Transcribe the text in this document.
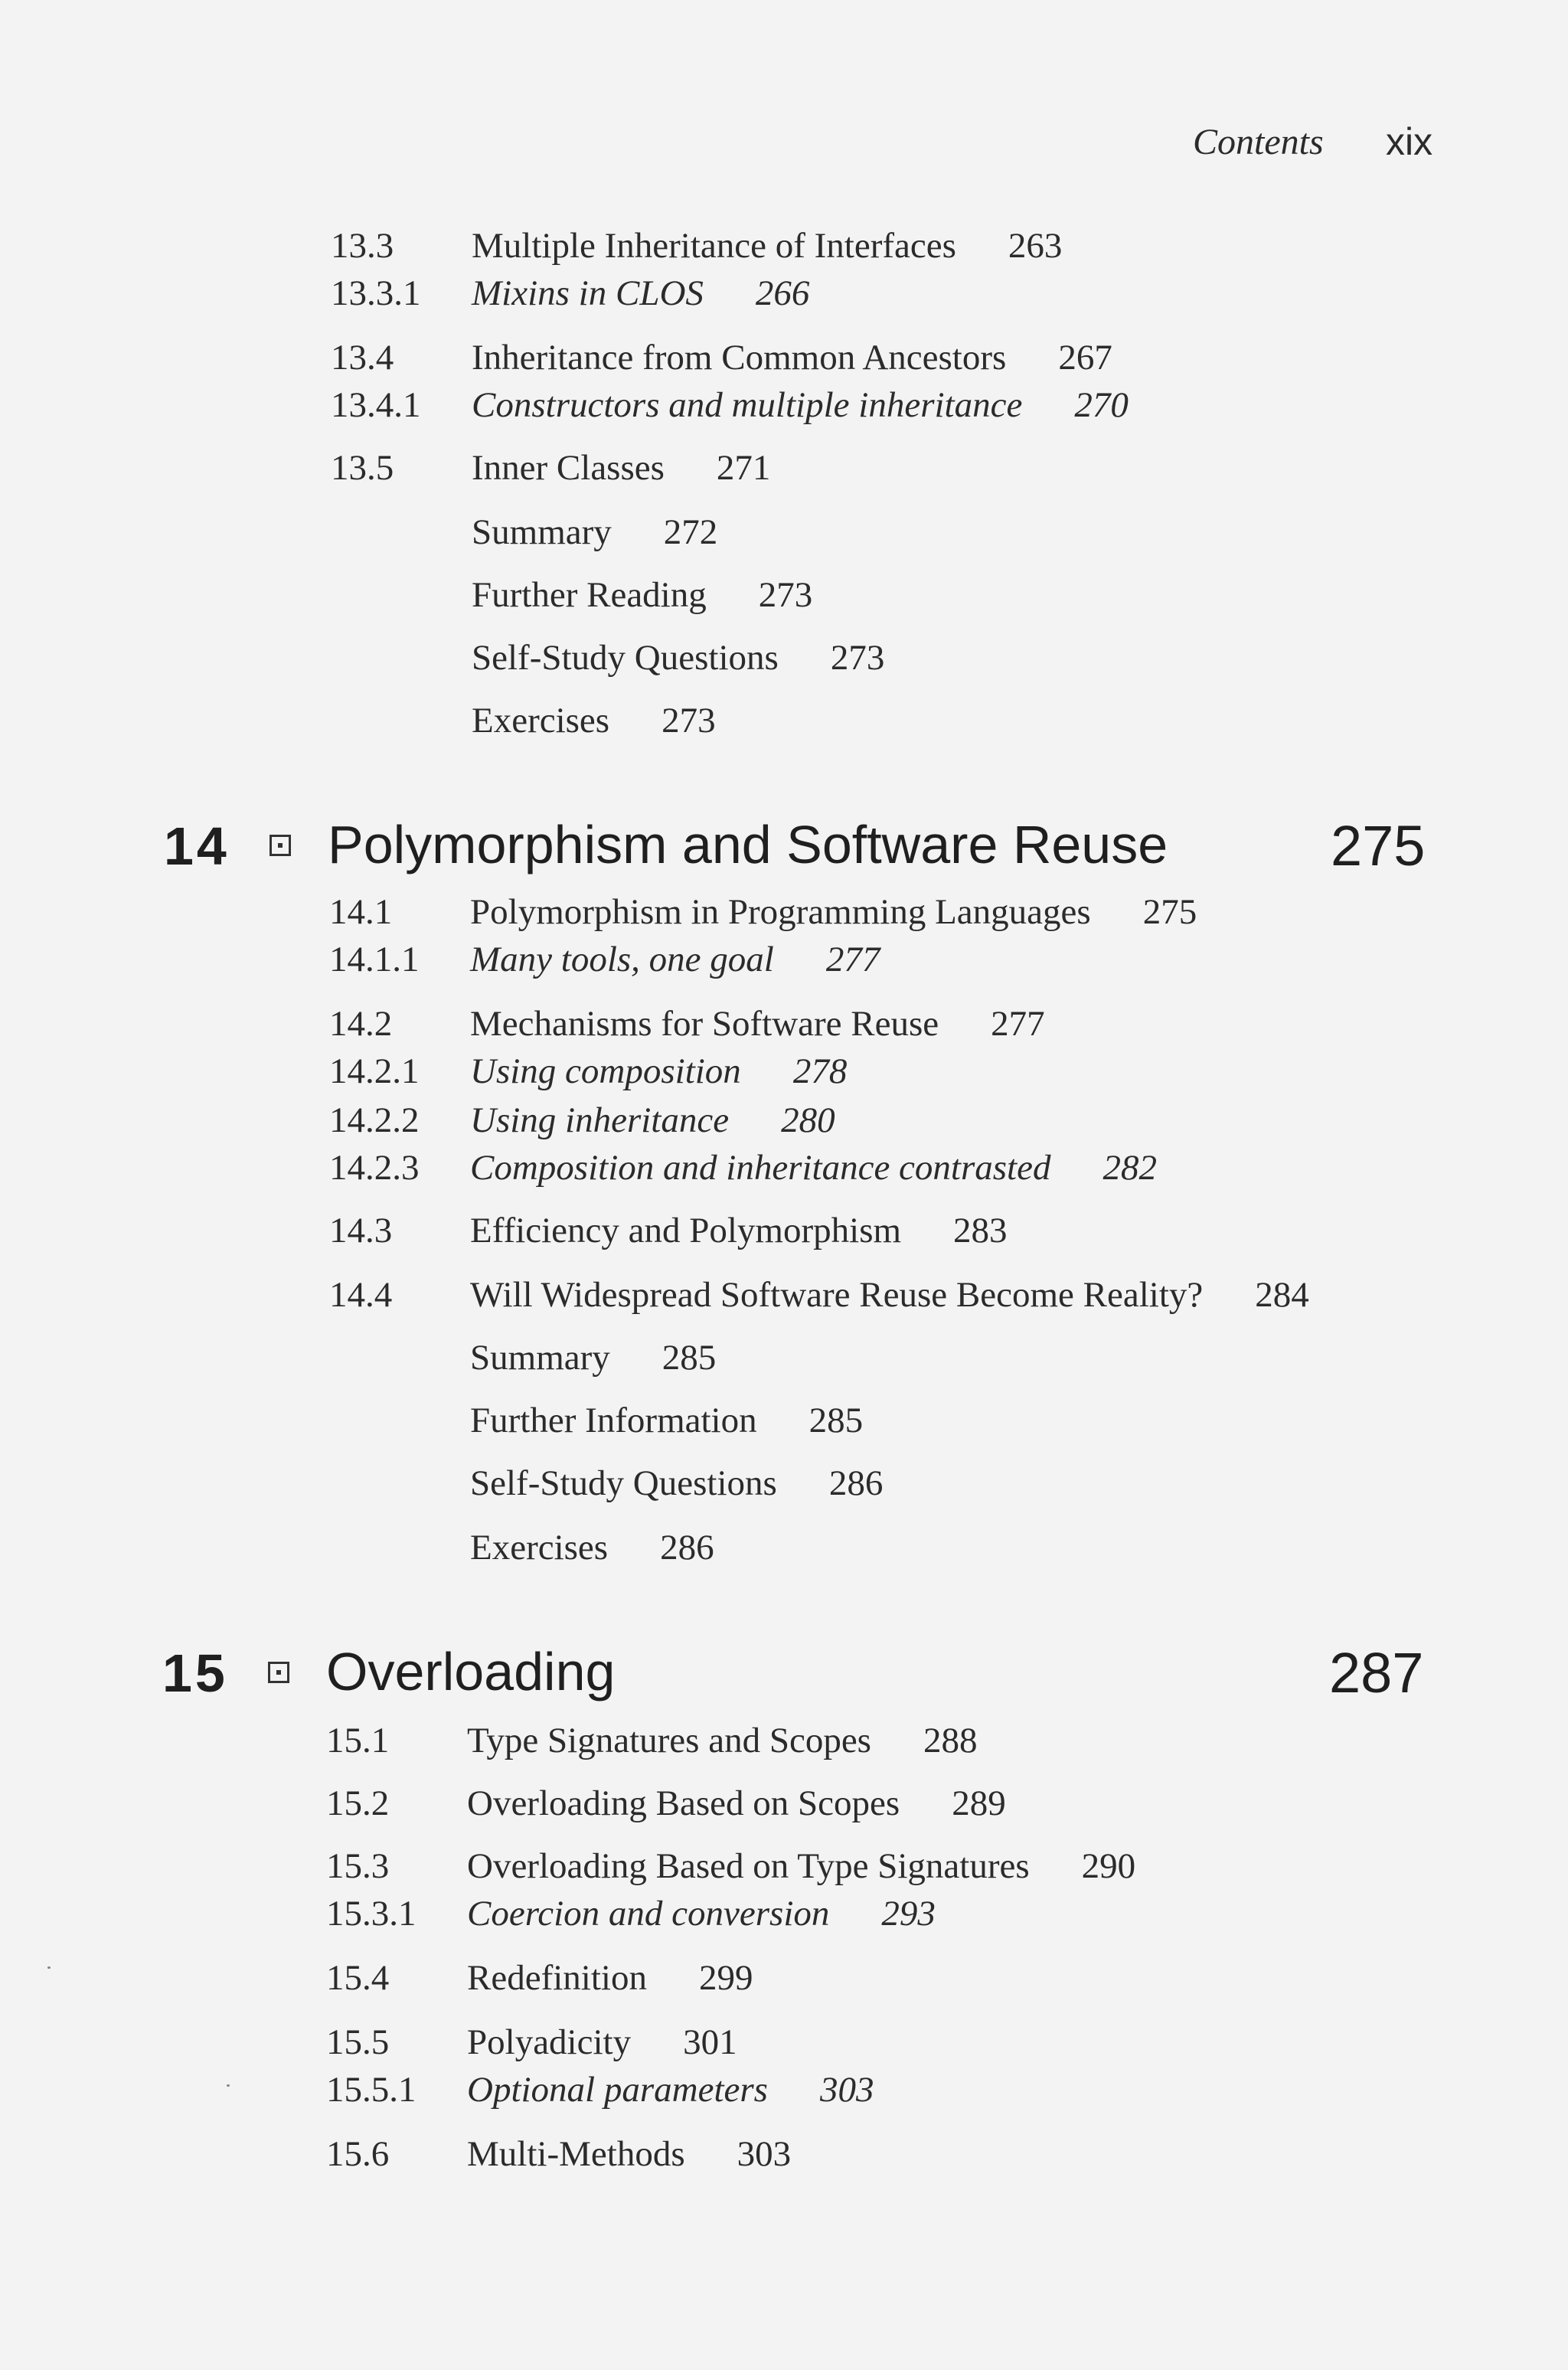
Contents xix
13.3 Multiple Inheritance of Interfaces 263
13.3.1 Mixins in CLOS 266
13.4 Inheritance from Common Ancestors 267
13.4.1 Constructors and multiple inheritance 270
13.5 Inner Classes 271
Summary 272
Further Reading 273
Self-Study Questions 273
Exercises 273
14 Polymorphism and Software Reuse	275
14.1 Polymorphism in Programming Languages 275
14.1.1 Many tools, one goal 277
14.2 Mechanisms for Software Reuse 277
14.2.1 Using composition 278
14.2.2 Using inheritance 280
14.2.3 Composition and inheritance contrasted 282
14.3 Efficiency and Polymorphism 283
14.4 Will Widespread Software Reuse Become Reality? 284
Summary 285
Further Information 285
Self-Study Questions 286
Exercises 286
15 Overloading	287
15.1 Type Signatures and Scopes 288
15.2 Overloading Based on Scopes 289
15.3 Overloading Based on Type Signatures 290
15.3.1 Coercion and conversion 293
15.4 Redefinition 299
15.5 Polyadicity 301
15.5.1 Optional parameters 303
15.6 Multi-Methods 303
